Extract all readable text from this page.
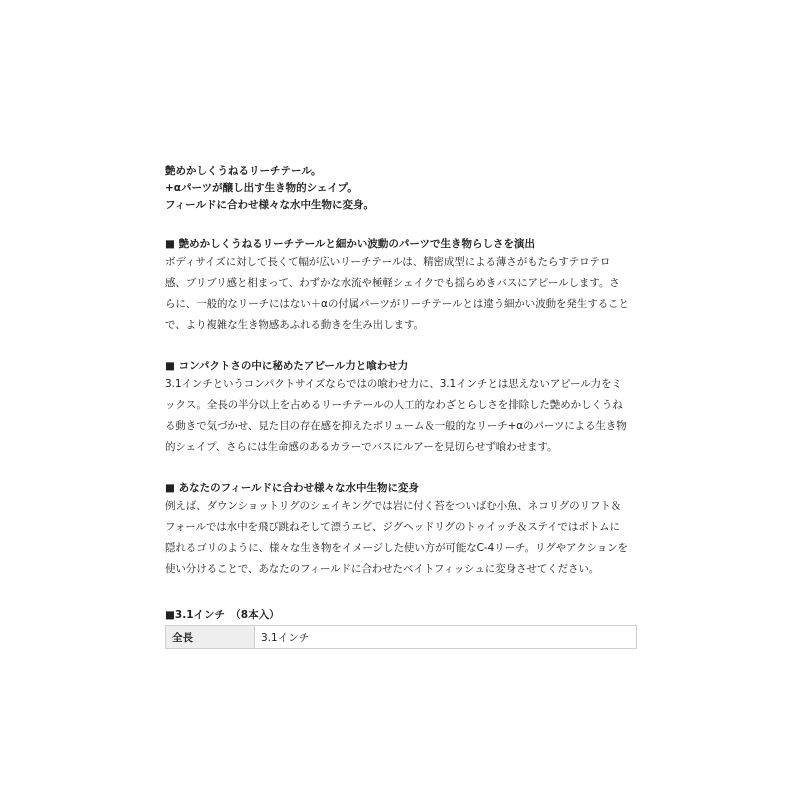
艶めかしくうねるリーチテール。

+αパーツが醸し出す生き物的シェイプ。

フィールドに合わせ様々な水中生物に変身。

■ 艶めかしくうねるリーチテールと細かい波動のパーツで生き物らしさを演出

ボディサイズに対して長くて幅が広いリーチテールは、精密成型による薄さがもたらすテロテロ

感、ブリブリ感と相まって、わずかな水流や極軽シェイクでも揺らめきバスにアピールします。さ

らに、一般的なリーチにはない＋αの付属パーツがリーチテールとは違う細かい波動を発生すること

で、より複雑な生き物感あふれる動きを生み出します。

■ コンパクトさの中に秘めたアピール力と喰わせ力

3.1インチというコンパクトサイズならではの喰わせ力に、3.1インチとは思えないアピール力をミ

ックス。全長の半分以上を占めるリーチテールの人工的なわざとらしさを排除した艶めかしくうね

る動きで気づかせ、見た目の存在感を抑えたボリューム＆一般的なリーチ+αのパーツによる生き物

的シェイプ、さらには生命感のあるカラーでバスにルアーを見切らせず喰わせます。

■ あなたのフィールドに合わせ様々な水中生物に変身

例えば、ダウンショットリグのシェイキングでは岩に付く苔をついばむ小魚、ネコリグのリフト＆

フォールでは水中を飛び跳ねそして漂うエビ、ジグヘッドリグのトゥイッチ＆ステイではボトムに

隠れるゴリのように、様々な生き物をイメージした使い方が可能なC-4リーチ。リグやアクションを

使い分けることで、あなたのフィールドに合わせたベイトフィッシュに変身させてください。

■3.1インチ　（8本入）

全長	3.1インチ
